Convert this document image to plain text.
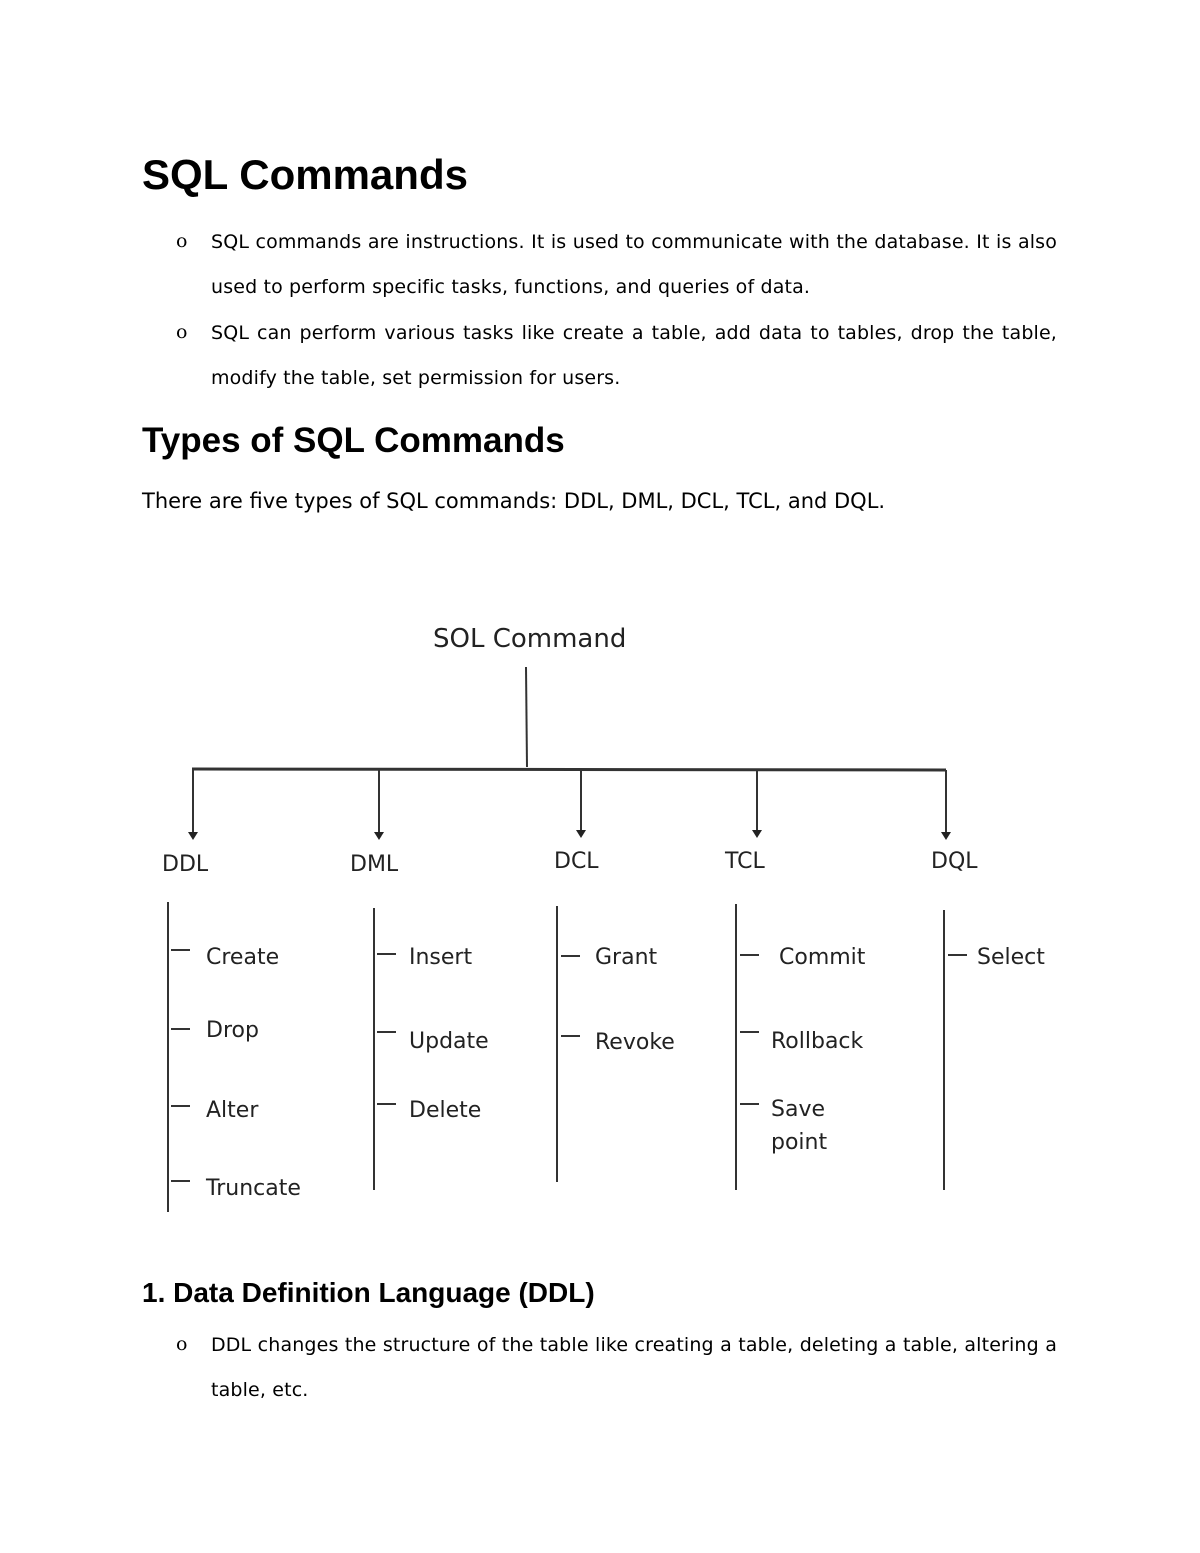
SQL Commands
o SQL commands are instructions. It is used to communicate with the database. It is also used to perform specific tasks, functions, and queries of data.

o SQL can perform various tasks like create a table, add data to tables, drop the table, modify the table, set permission for users.

Types of SQL Commands

There are five types of SQL commands: DDL, DML, DCL, TCL, and DQL.

SOL Command
DDL	DML	DCL	TCL	DQL
Create
Drop
Alter
Truncate
Insert
Update
Delete
Grant
Revoke
Commit
Rollback
Save
point
Select
1. Data Definition Language (DDL)
o DDL changes the structure of the table like creating a table, deleting a table, altering a table, etc.
